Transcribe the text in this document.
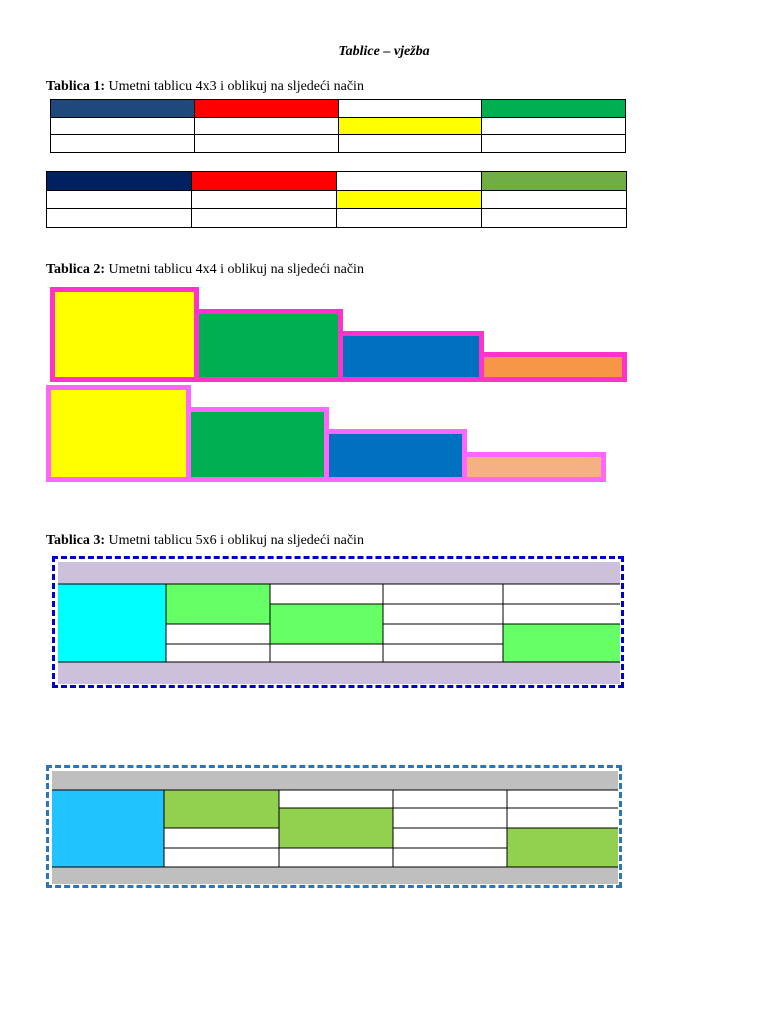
Tablice – vježba
Tablica 1: Umetni tablicu 4x3 i oblikuj na sljedeći način

Tablica 2: Umetni tablicu 4x4 i oblikuj na sljedeći način
Tablica 3: Umetni tablicu 5x6 i oblikuj na sljedeći način
